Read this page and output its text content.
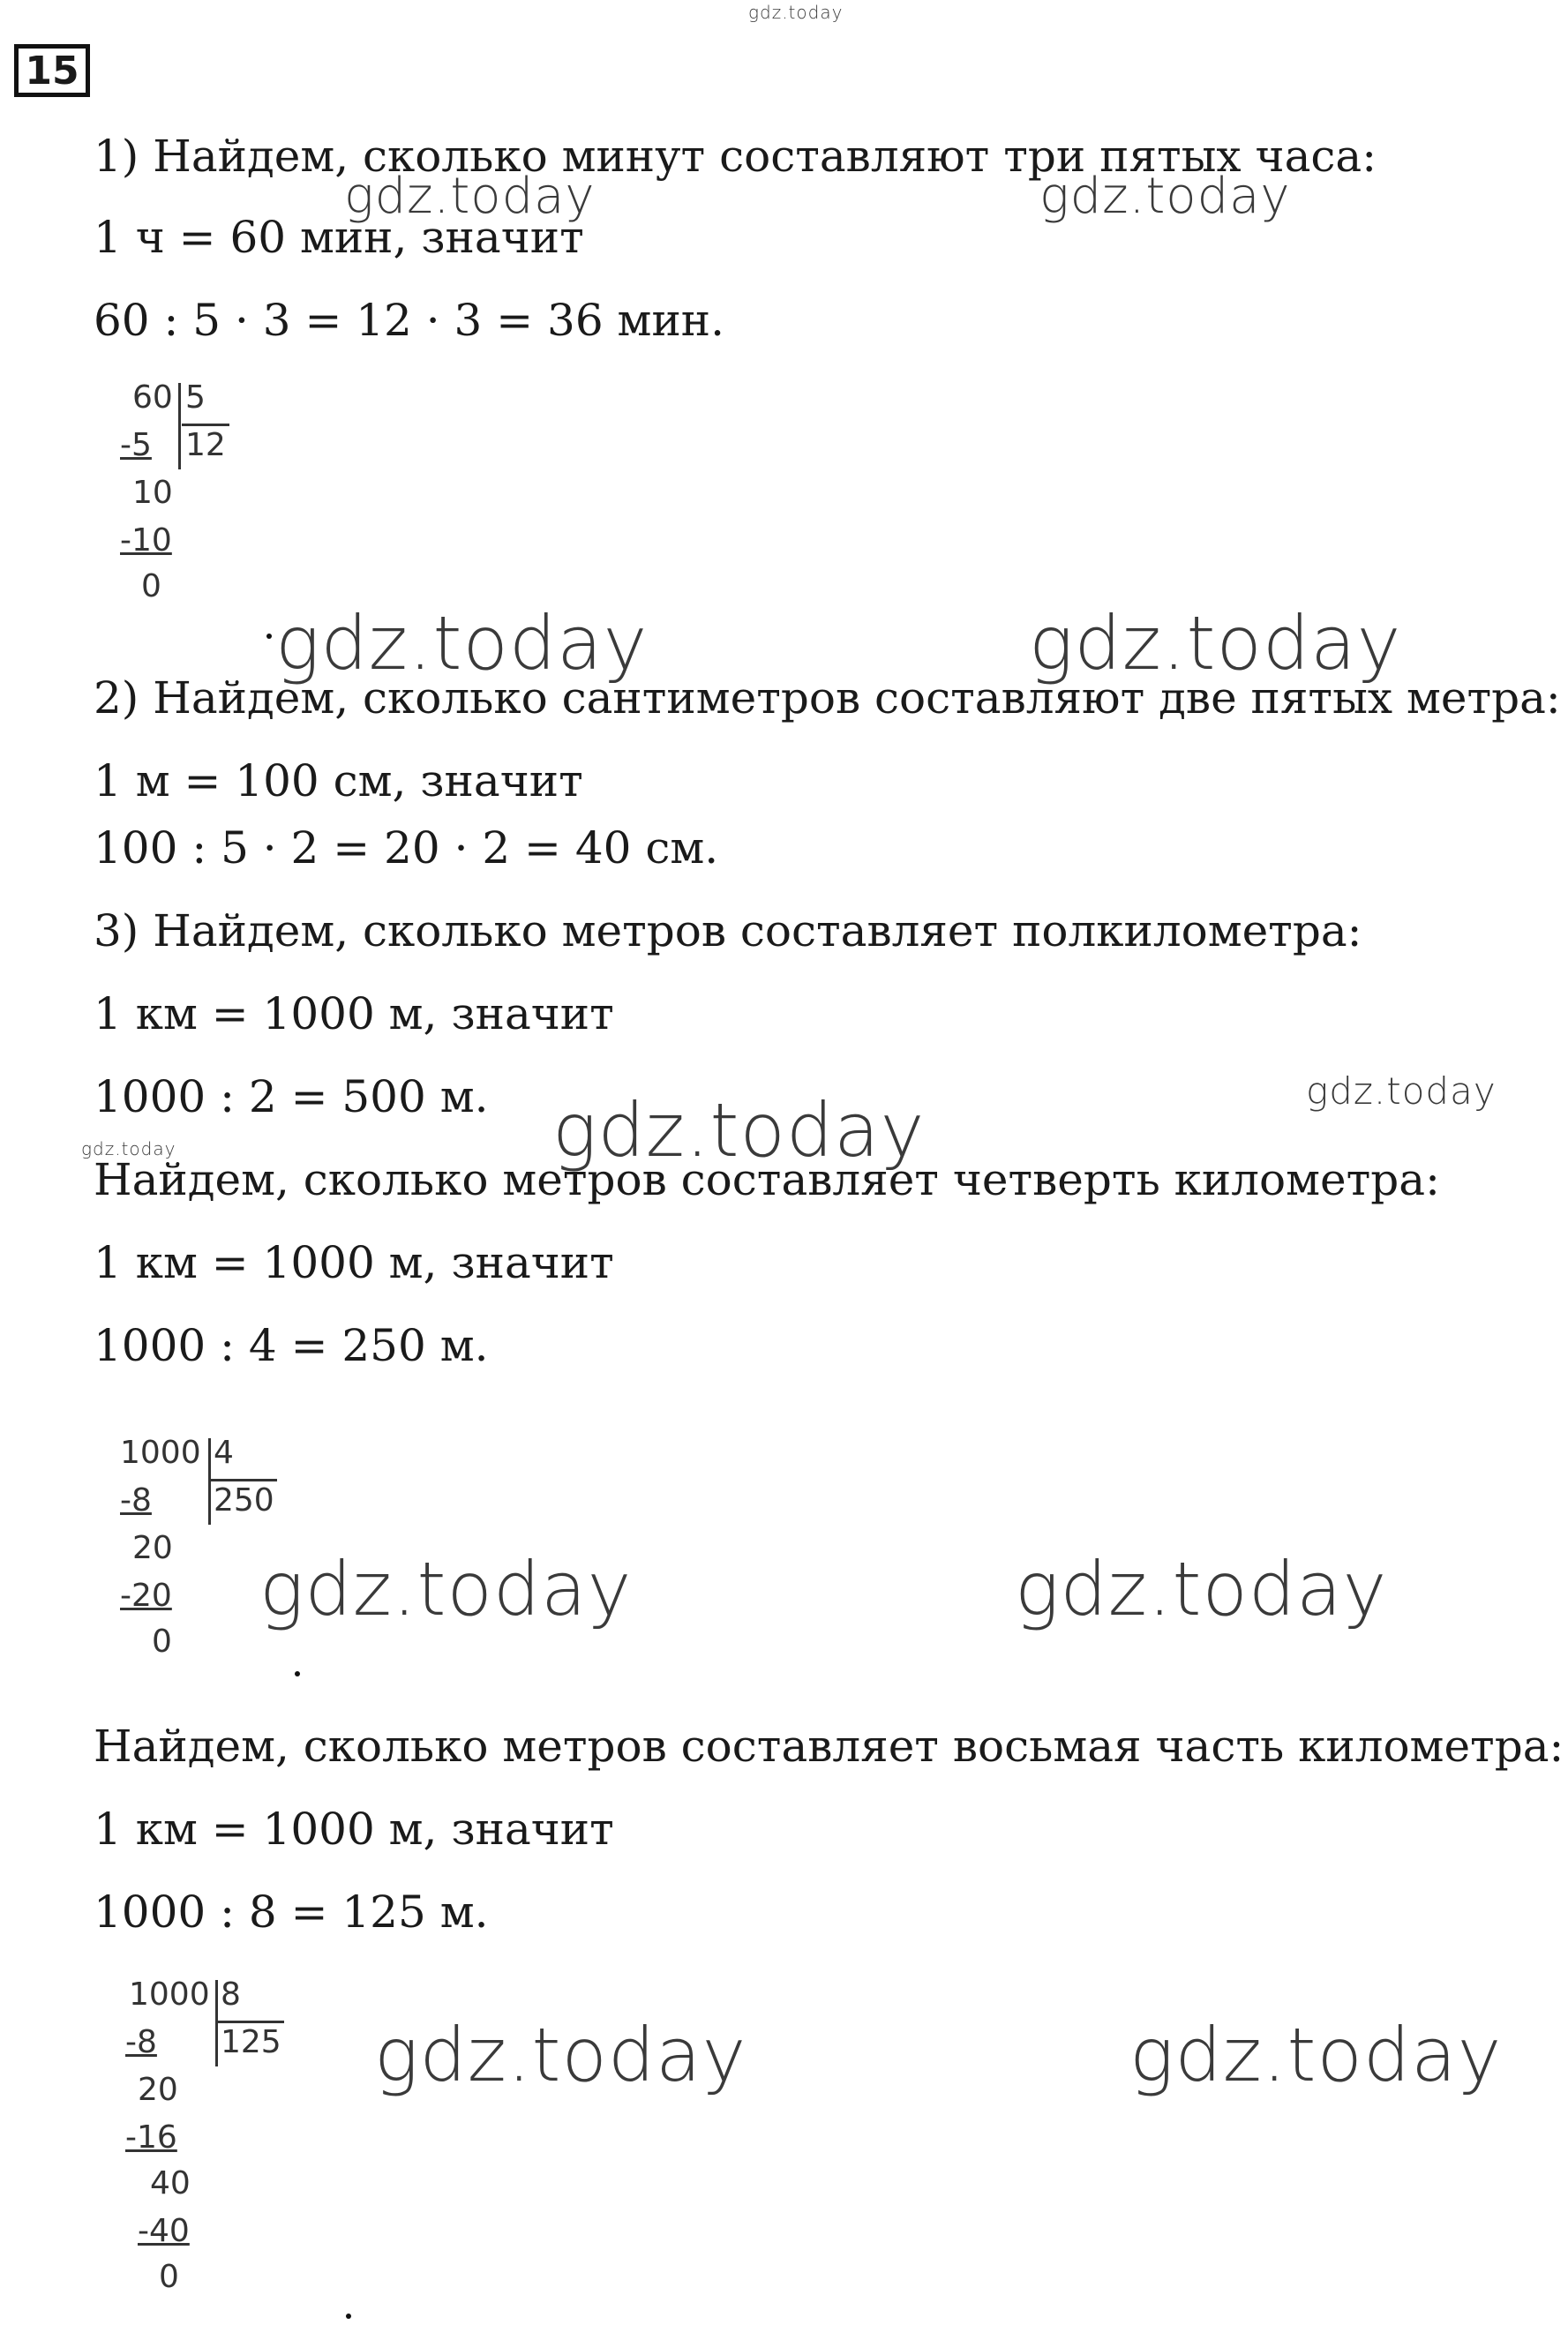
gdz.today
15
1) Найдем, сколько минут составляют три пятых часа:
gdz.today	gdz.today
1 ч = 60 мин, значит
60 : 5 · 3 = 12 · 3 = 36 мин.
60 5
12
-5
10
-10
0
gdz.today	gdz.today
2) Найдем, сколько сантиметров составляют две пятых метра:
1 м = 100 см, значит
100 : 5 · 2 = 20 · 2 = 40 см.
3) Найдем, сколько метров составляет полкилометра:
1 км = 1000 м, значит
1000 : 2 = 500 м.	gdz.today
gdz.today
gdz.today
Найдем, сколько метров составляет четверть километра:
1 км = 1000 м, значит
1000 : 4 = 250 м.
1000 4
250
-8
20
-20
0
gdz.today	gdz.today
Найдем, сколько метров составляет восьмая часть километра:
1 км = 1000 м, значит
1000 : 8 = 125 м.
1000 8
125
-8
20
-16
40
-40
0
gdz.today	gdz.today
